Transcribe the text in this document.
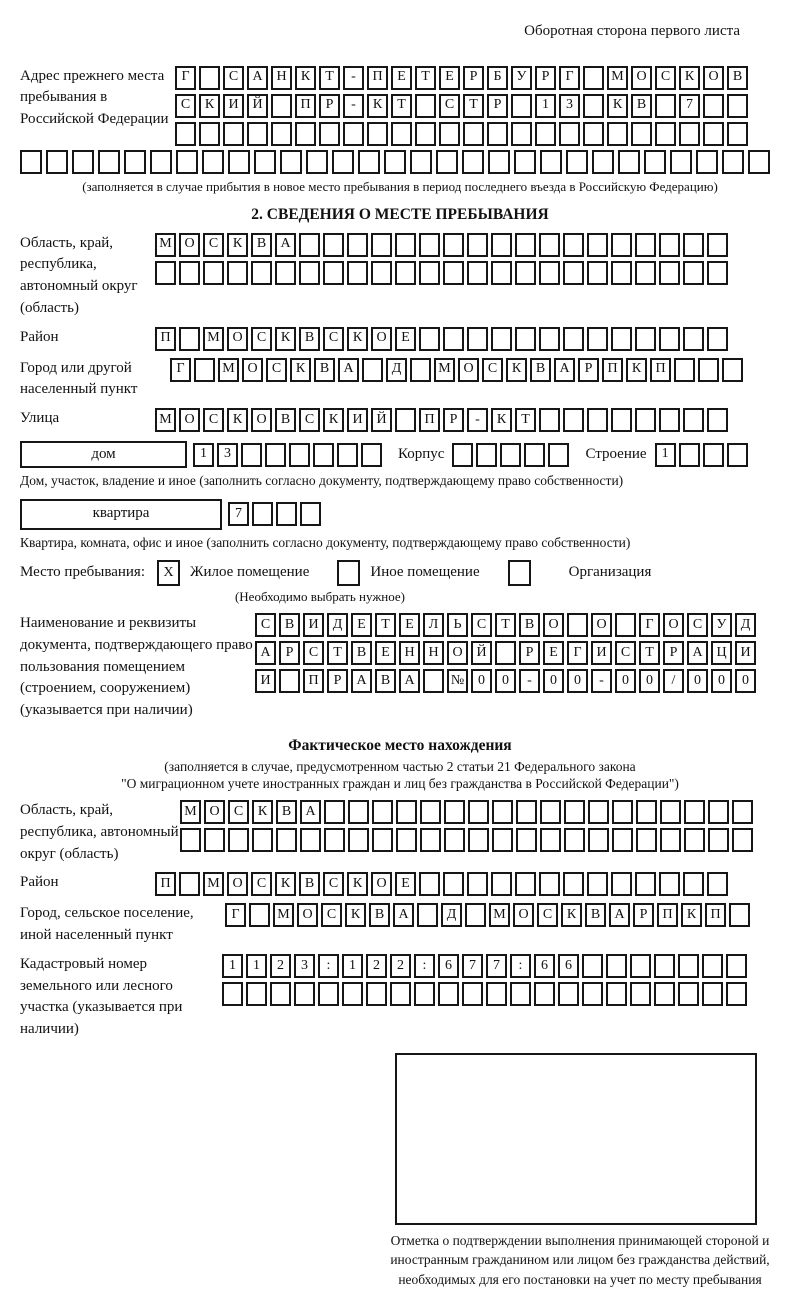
Оборотная сторона первого листа
Адрес прежнего места пребывания в Российской Федерации
Г	С	А Н	К	Т	-	П	Е	Т	Е	Р	Б	У	Р	Г	М О	С	К	О	В
С	К	И Й	П	Р	-	К	Т	С	Т	Р	1	3	К	В	7
(заполняется в случае прибытия в новое место пребывания в период последнего въезда в Российскую Федерацию)
2. СВЕДЕНИЯ О МЕСТЕ ПРЕБЫВАНИЯ
Область, край, республика, автономный округ (область)
М О	С	К	В	А
Район	П	М О	С	К	В	С	К	О	Е
Город или другой населенный пункт
Г	М О	С	К	В	А	Д	М О	С	К	В	А	Р	П	К	П
Улица	М О	С	К	О	В	С	К	И Й	П	Р	-	К	Т
дом	1	3	Корпус	Строение	1
Дом, участок, владение и иное (заполнить согласно документу, подтверждающему право собственности)
квартира	7
Квартира, комната, офис и иное (заполнить согласно документу, подтверждающему право собственности)
Место пребывания:	X	Жилое помещение	Иное помещение	Организация
(Необходимо выбрать нужное)
Наименование и реквизиты документа, подтверждающего право пользования помещением (строением, сооружением) (указывается при наличии)
С	В	И	Д	Е	Т	Е	Л	Ь	С	Т	В	О	О	Г	О	С	У	Д
А	Р	С	Т	В	Е	Н Н О Й	Р	Е	Г	И	С	Т	Р	А Ц И
И	П	Р	А	В	А	№ 0	0	-	0	0	-	0	0	/	0	0	0
Фактическое место нахождения
(заполняется в случае, предусмотренном частью 2 статьи 21 Федерального закона
"О миграционном учете иностранных граждан и лиц без гражданства в Российской Федерации")
Область, край, республика, автономный округ (область)
М О	С	К	В	А
Район	П	М О	С	К	В	С	К	О	Е
Город, сельское поселение, иной населенный пункт
Г	М О	С	К	В	А	Д	М О	С	К	В	А	Р	П	К	П
Кадастровый номер земельного или лесного участка (указывается при наличии)
1	1	2	3	:	1	2	2	:	6	7	7	:	6	6
Отметка о подтверждении выполнения принимающей стороной и иностранным гражданином или лицом без гражданства действий, необходимых для его постановки на учет по месту пребывания
